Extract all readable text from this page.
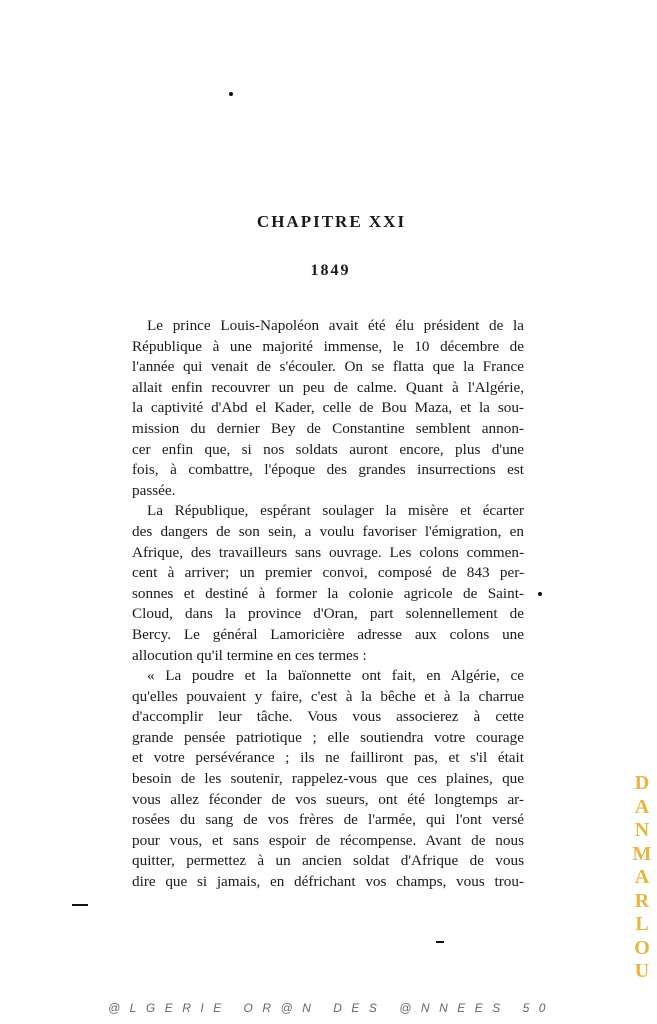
CHAPITRE XXI
1849
Le prince Louis-Napoléon avait été élu président de la
République à une majorité immense, le 10 décembre de
l'année qui venait de s'écouler. On se flatta que la France
allait enfin recouvrer un peu de calme. Quant à l'Algérie,
la captivité d'Abd el Kader, celle de Bou Maza, et la sou-
mission du dernier Bey de Constantine semblent annon-
cer enfin que, si nos soldats auront encore, plus d'une
fois, à combattre, l'époque des grandes insurrections est
passée.
La République, espérant soulager la misère et écarter
des dangers de son sein, a voulu favoriser l'émigration, en
Afrique, des travailleurs sans ouvrage. Les colons commen-
cent à arriver; un premier convoi, composé de 843 per-
sonnes et destiné à former la colonie agricole de Saint-
Cloud, dans la province d'Oran, part solennellement de
Bercy. Le général Lamoricière adresse aux colons une
allocution qu'il termine en ces termes :
« La poudre et la baïonnette ont fait, en Algérie, ce
qu'elles pouvaient y faire, c'est à la bêche et à la charrue
d'accomplir leur tâche. Vous vous associerez à cette
grande pensée patriotique ; elle soutiendra votre courage
et votre persévérance ; ils ne failliront pas, et s'il était
besoin de les soutenir, rappelez-vous que ces plaines, que
vous allez féconder de vos sueurs, ont été longtemps ar-
rosées du sang de vos frères de l'armée, qui l'ont versé
pour vous, et sans espoir de récompense. Avant de nous
quitter, permettez à un ancien soldat d'Afrique de vous
dire que si jamais, en défrichant vos champs, vous trou-
@LGERIE OR@N DES @NNEES 50
D
A
N
M
A
R
L
O
U
